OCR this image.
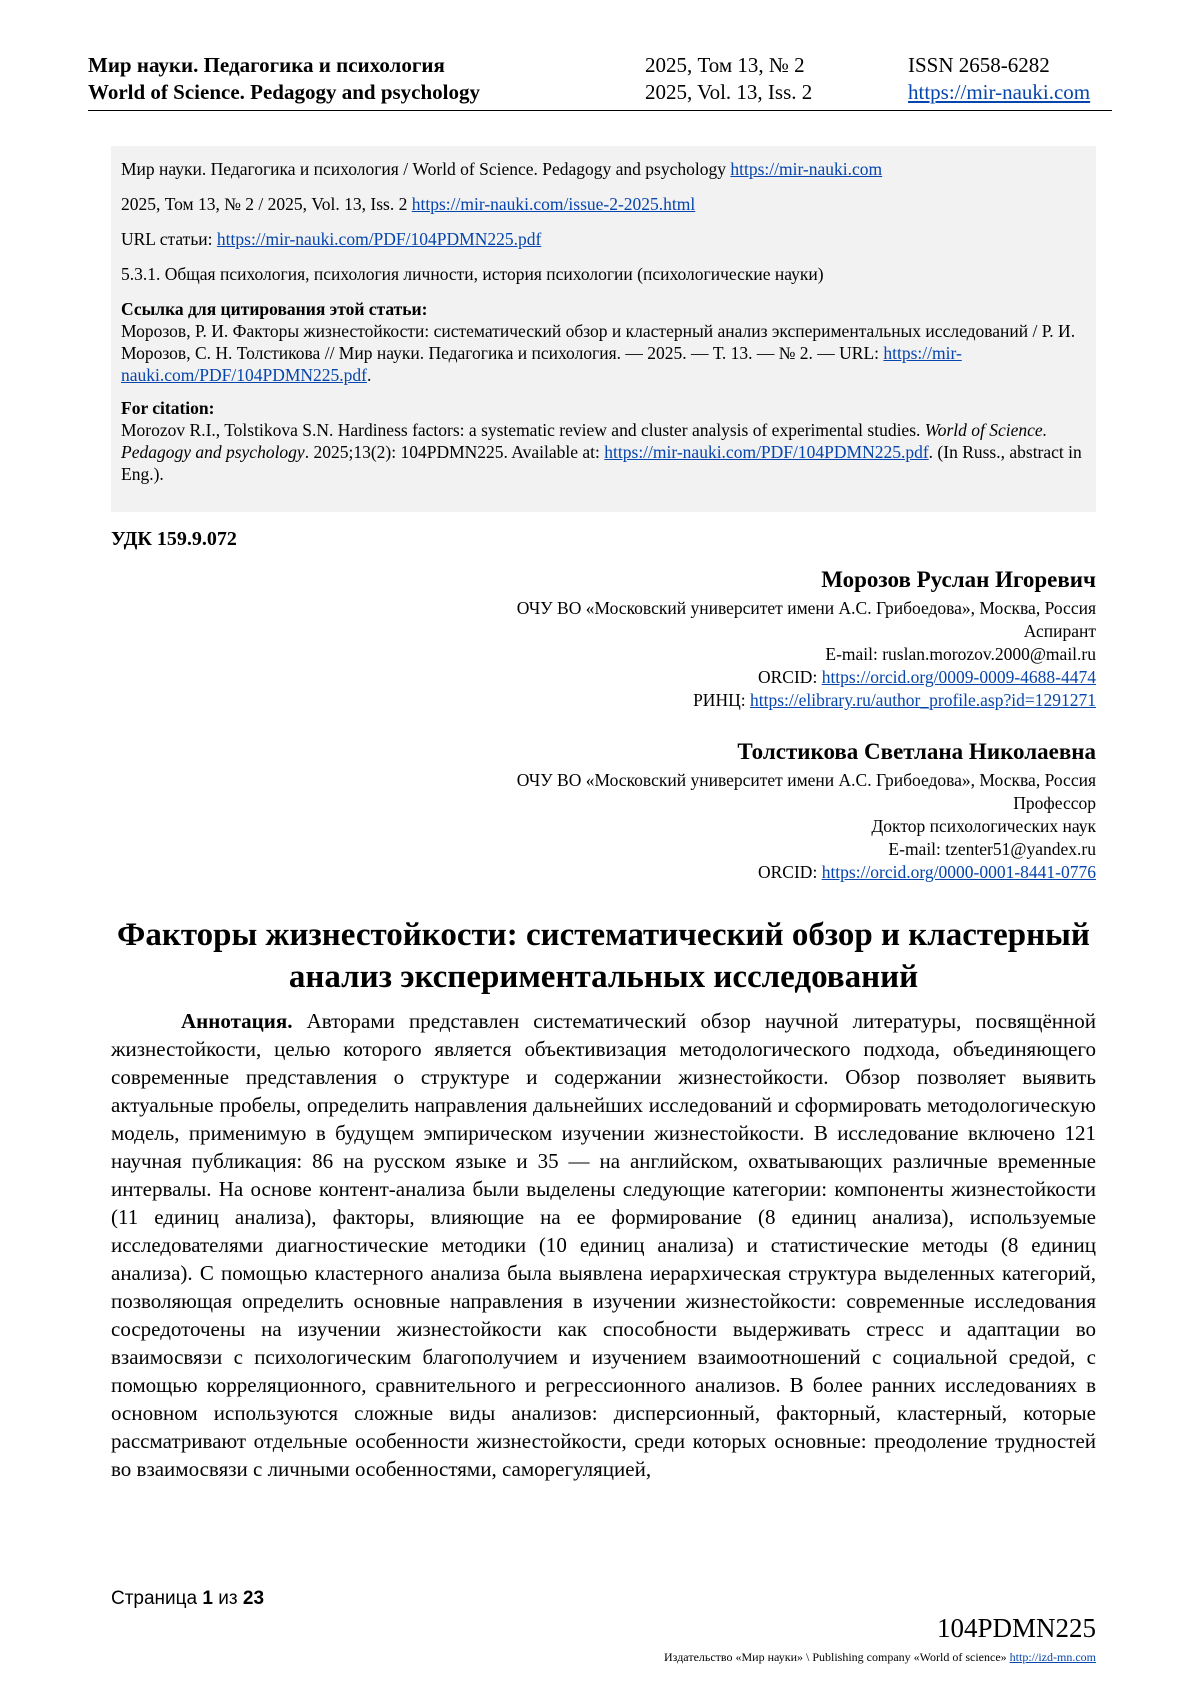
Мир науки. Педагогика и психология
World of Science. Pedagogy and psychology
2025, Том 13, № 2
2025, Vol. 13, Iss. 2
ISSN 2658-6282
https://mir-nauki.com

Мир науки. Педагогика и психология / World of Science. Pedagogy and psychology https://mir-nauki.com

2025, Том 13, № 2 / 2025, Vol. 13, Iss. 2 https://mir-nauki.com/issue-2-2025.html

URL статьи: https://mir-nauki.com/PDF/104PDMN225.pdf

5.3.1. Общая психология, психология личности, история психологии (психологические науки)

Ссылка для цитирования этой статьи:

Морозов, Р. И. Факторы жизнестойкости: систематический обзор и кластерный анализ экспериментальных исследований / Р. И. Морозов, С. Н. Толстикова // Мир науки. Педагогика и психология. — 2025. — Т. 13. — № 2. — URL: https://mir-nauki.com/PDF/104PDMN225.pdf.

For citation:

Morozov R.I., Tolstikova S.N. Hardiness factors: a systematic review and cluster analysis of experimental studies. World of Science. Pedagogy and psychology. 2025;13(2): 104PDMN225. Available at: https://mir-nauki.com/PDF/104PDMN225.pdf. (In Russ., abstract in Eng.).

УДК 159.9.072
Морозов Руслан Игоревич
ОЧУ ВО «Московский университет имени А.С. Грибоедова», Москва, Россия
Аспирант
E-mail: ruslan.morozov.2000@mail.ru
ORCID: https://orcid.org/0009-0009-4688-4474
РИНЦ: https://elibrary.ru/author_profile.asp?id=1291271
Толстикова Светлана Николаевна
ОЧУ ВО «Московский университет имени А.С. Грибоедова», Москва, Россия
Профессор
Доктор психологических наук
E-mail: tzenter51@yandex.ru
ORCID: https://orcid.org/0000-0001-8441-0776
Факторы жизнестойкости: систематический обзор и кластерный анализ экспериментальных исследований
Аннотация. Авторами представлен систематический обзор научной литературы, посвящённой жизнестойкости, целью которого является объективизация методологического подхода, объединяющего современные представления о структуре и содержании жизнестойкости. Обзор позволяет выявить актуальные пробелы, определить направления дальнейших исследований и сформировать методологическую модель, применимую в будущем эмпирическом изучении жизнестойкости. В исследование включено 121 научная публикация: 86 на русском языке и 35 — на английском, охватывающих различные временные интервалы. На основе контент-анализа были выделены следующие категории: компоненты жизнестойкости (11 единиц анализа), факторы, влияющие на ее формирование (8 единиц анализа), используемые исследователями диагностические методики (10 единиц анализа) и статистические методы (8 единиц анализа). С помощью кластерного анализа была выявлена иерархическая структура выделенных категорий, позволяющая определить основные направления в изучении жизнестойкости: современные исследования сосредоточены на изучении жизнестойкости как способности выдерживать стресс и адаптации во взаимосвязи с психологическим благополучием и изучением взаимоотношений с социальной средой, с помощью корреляционного, сравнительного и регрессионного анализов. В более ранних исследованиях в основном используются сложные виды анализов: дисперсионный, факторный, кластерный, которые рассматривают отдельные особенности жизнестойкости, среди которых основные: преодоление трудностей во взаимосвязи с личными особенностями, саморегуляцией,
Страница 1 из 23
104PDMN225
Издательство «Мир науки» \ Publishing company «World of science» http://izd-mn.com
